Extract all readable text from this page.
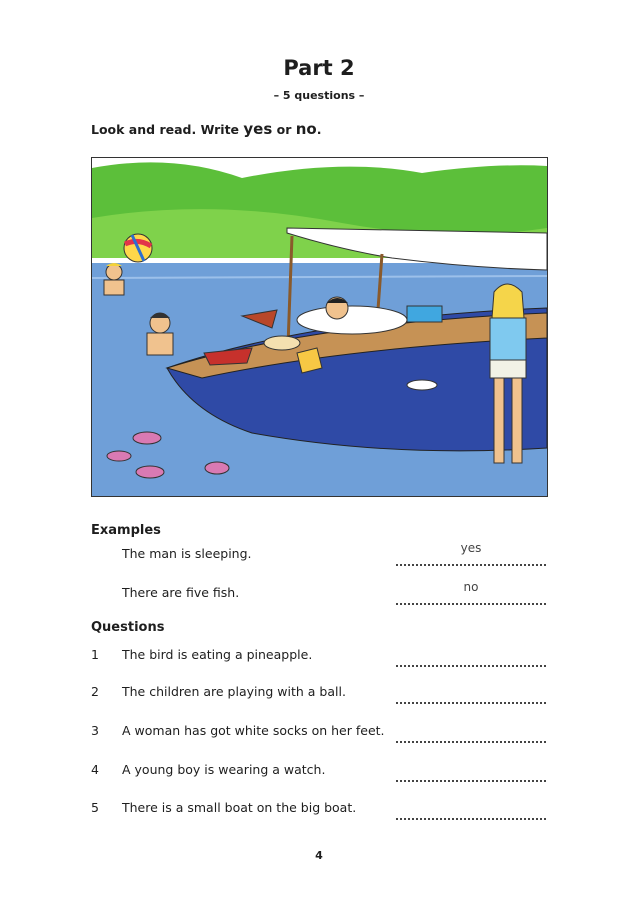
Part 2
– 5 questions –
Look and read. Write yes or no.
Examples
The man is sleeping.	yes
There are five fish.	no
Questions
1 The bird is eating a pineapple.
2 The children are playing with a ball.
3 A woman has got white socks on her feet.
4 A young boy is wearing a watch.
5 There is a small boat on the big boat.
4
